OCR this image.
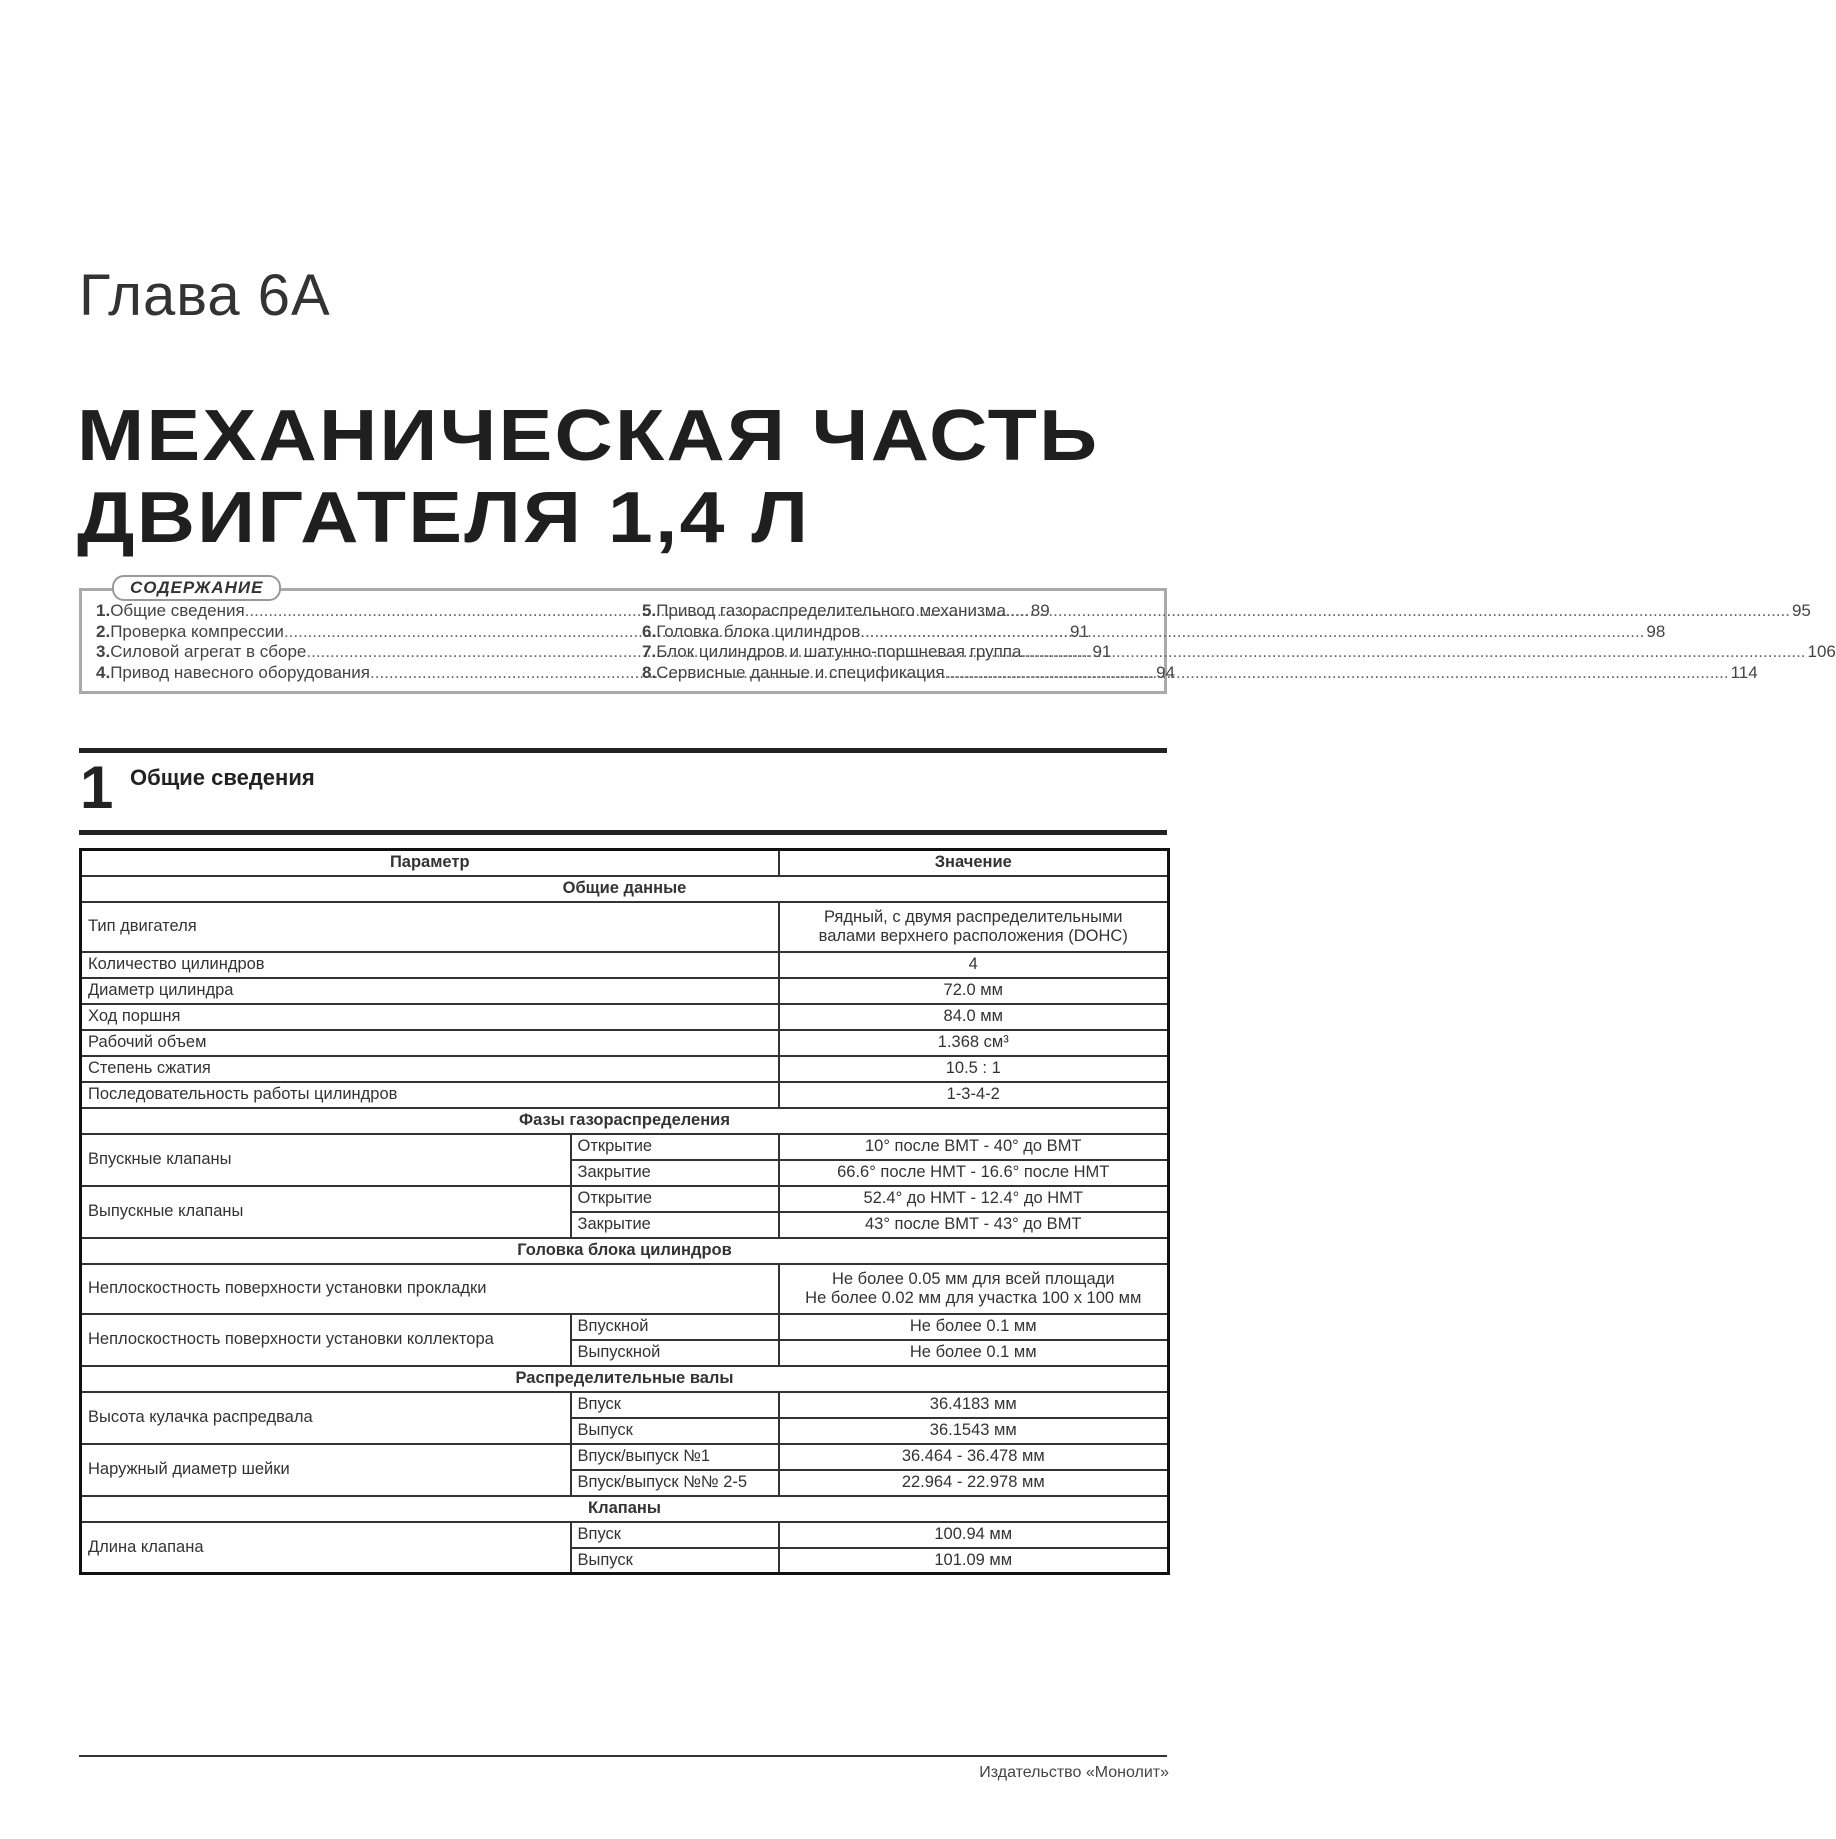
Глава 6A
МЕХАНИЧЕСКАЯ ЧАСТЬ
ДВИГАТЕЛЯ 1,4 Л
СОДЕРЖАНИЕ
1. Общие сведения .....	89
2. Проверка компрессии .....	91
3. Силовой агрегат в сборе .....	91
4. Привод навесного оборудования .....	94
5. Привод газораспределительного механизма .....	95
6. Головка блока цилиндров .....	98
7. Блок цилиндров и шатунно-поршневая группа .....	106
8. Сервисные данные и спецификация .....	114
1 Общие сведения
Параметр		Значение
Общие данные		
Тип двигателя		Рядный, с двумя распределительными
валами верхнего расположения (DOHC)

Количество цилиндров		4
Диаметр цилиндра		72.0 мм
Ход поршня		84.0 мм
Рабочий объем		1.368 см³
Степень сжатия		10.5 : 1
Последовательность работы цилиндров		1-3-4-2
Фазы газораспределения		
Впускные клапаны	Открытие	10° после ВМТ - 40° до ВМТ
	Закрытие	66.6° после НМТ - 16.6° после НМТ
Выпускные клапаны	Открытие	52.4° до НМТ - 12.4° до НМТ
	Закрытие	43° после ВМТ - 43° до ВМТ
Головка блока цилиндров		
Неплоскостность поверхности установки прокладки		Не более 0.05 мм для всей площади
Не более 0.02 мм для участка 100 x 100 мм

Неплоскостность поверхности установки коллектора	Впускной	Не более 0.1 мм
	Выпускной	Не более 0.1 мм
Распределительные валы		
Высота кулачка распредвала	Впуск	36.4183 мм
	Выпуск	36.1543 мм
Наружный диаметр шейки	Впуск/выпуск №1	36.464 - 36.478 мм
	Впуск/выпуск №№ 2-5	22.964 - 22.978 мм
Клапаны		
Длина клапана	Впуск	100.94 мм
	Выпуск	101.09 мм
Издательство «Монолит»
